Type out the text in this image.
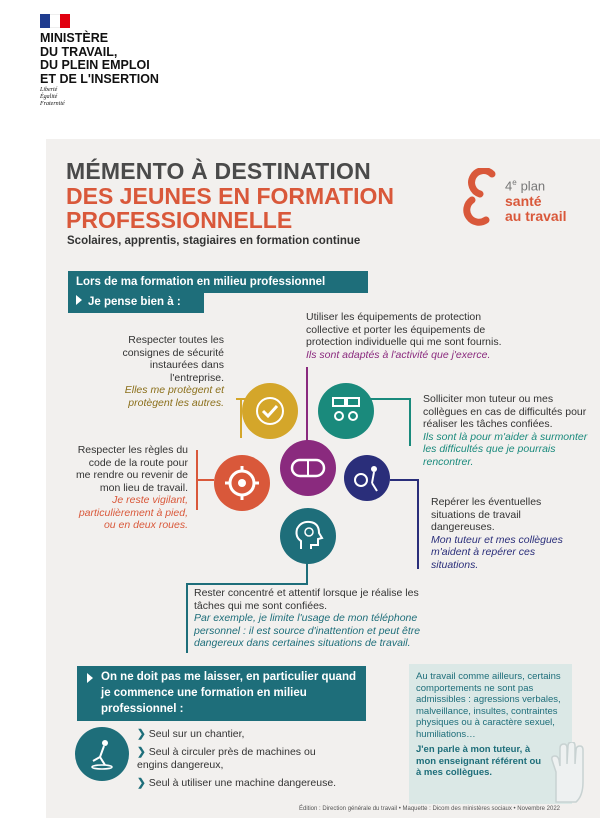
MINISTÈRE
DU TRAVAIL,
DU PLEIN EMPLOI
ET DE L'INSERTION
Liberté
Égalité
Fraternité
MÉMENTO À DESTINATION
DES JEUNES EN FORMATION PROFESSIONNELLE
Scolaires, apprentis, stagiaires en formation continue
4e plan
santé
au travail
Lors de ma formation en milieu professionnel
Je pense bien à :
Utiliser les équipements de protection collective et porter les équipements de protection individuelle qui me sont fournis.
Ils sont adaptés à l'activité que j'exerce.
Respecter toutes les consignes de sécurité instaurées dans l'entreprise.
Elles me protègent et protègent les autres.	Solliciter mon tuteur ou mes collègues en cas de difficultés pour réaliser les tâches confiées.
Ils sont là pour m'aider à surmonter les difficultés que je pourrais rencontrer.
Respecter les règles du code de la route pour me rendre ou revenir de mon lieu de travail.
Je reste vigilant, particulièrement à pied, ou en deux roues.
Repérer les éventuelles situations de travail dangereuses.
Mon tuteur et mes collègues m'aident à repérer ces situations.
Rester concentré et attentif lorsque je réalise les tâches qui me sont confiées.
Par exemple, je limite l'usage de mon téléphone personnel : il est source d'inattention et peut être dangereux dans certaines situations de travail.
On ne doit pas me laisser, en particulier quand je commence une formation en milieu professionnel :
❯ Seul sur un chantier,
❯ Seul à circuler près de machines ou engins dangereux,
❯ Seul à utiliser une machine dangereuse.
Au travail comme ailleurs, certains comportements ne sont pas admissibles : agressions verbales, malveillance, insultes, contraintes physiques ou à caractère sexuel, humiliations…
J'en parle à mon tuteur, à mon enseignant référent ou à mes collègues.
Édition : Direction générale du travail • Maquette : Dicom des ministères sociaux • Novembre 2022
